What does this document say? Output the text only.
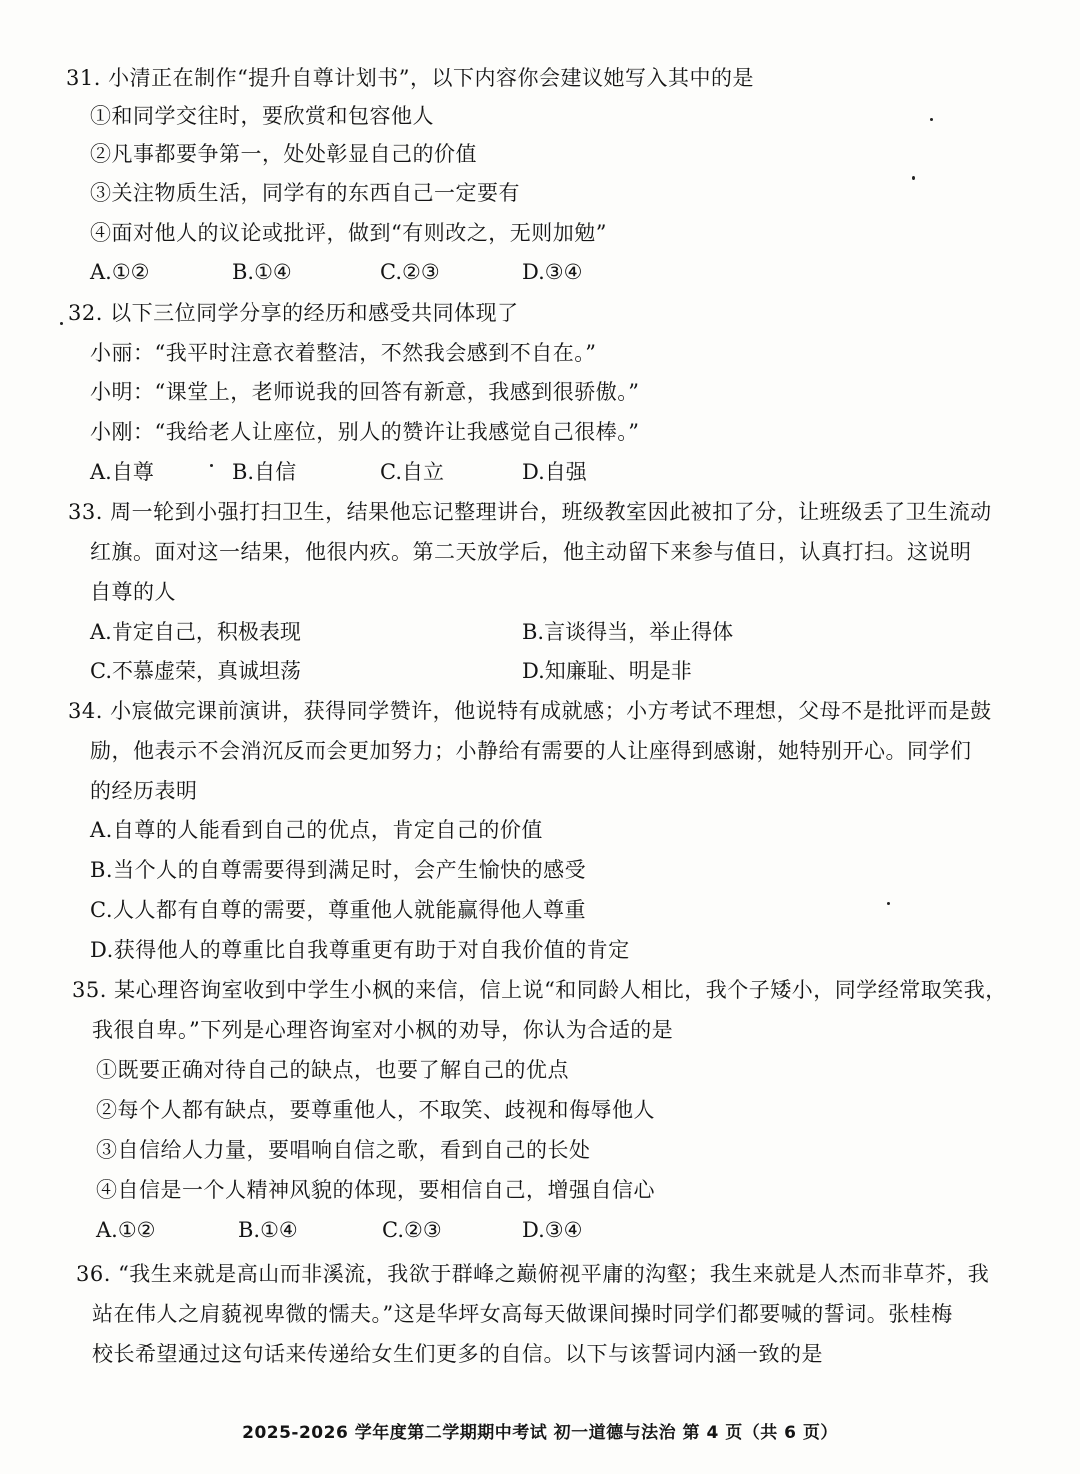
31. 小清正在制作“提升自尊计划书”，以下内容你会建议她写入其中的是
①和同学交往时，要欣赏和包容他人
②凡事都要争第一，处处彰显自己的价值
③关注物质生活，同学有的东西自己一定要有
④面对他人的议论或批评，做到“有则改之，无则加勉”
A.①②	B.①④	C.②③	D.③④
32. 以下三位同学分享的经历和感受共同体现了
小丽：“我平时注意衣着整洁，不然我会感到不自在。”
小明：“课堂上，老师说我的回答有新意，我感到很骄傲。”
小刚：“我给老人让座位，别人的赞许让我感觉自己很棒。”
A.自尊	B.自信	C.自立	D.自强
33. 周一轮到小强打扫卫生，结果他忘记整理讲台，班级教室因此被扣了分，让班级丢了卫生流动
红旗。面对这一结果，他很内疚。第二天放学后，他主动留下来参与值日，认真打扫。这说明
自尊的人
A.肯定自己，积极表现	B.言谈得当，举止得体
C.不慕虚荣，真诚坦荡	D.知廉耻、明是非
34. 小宸做完课前演讲，获得同学赞许，他说特有成就感；小方考试不理想，父母不是批评而是鼓
励，他表示不会消沉反而会更加努力；小静给有需要的人让座得到感谢，她特别开心。同学们
的经历表明
A.自尊的人能看到自己的优点，肯定自己的价值
B.当个人的自尊需要得到满足时，会产生愉快的感受
C.人人都有自尊的需要，尊重他人就能赢得他人尊重
D.获得他人的尊重比自我尊重更有助于对自我价值的肯定
35. 某心理咨询室收到中学生小枫的来信，信上说“和同龄人相比，我个子矮小，同学经常取笑我，
我很自卑。”下列是心理咨询室对小枫的劝导，你认为合适的是
①既要正确对待自己的缺点，也要了解自己的优点
②每个人都有缺点，要尊重他人，不取笑、歧视和侮辱他人
③自信给人力量，要唱响自信之歌，看到自己的长处
④自信是一个人精神风貌的体现，要相信自己，增强自信心
A.①②	B.①④	C.②③	D.③④
36. “我生来就是高山而非溪流，我欲于群峰之巅俯视平庸的沟壑；我生来就是人杰而非草芥，我
站在伟人之肩藐视卑微的懦夫。”这是华坪女高每天做课间操时同学们都要喊的誓词。张桂梅
校长希望通过这句话来传递给女生们更多的自信。以下与该誓词内涵一致的是
2025-2026 学年度第二学期期中考试 初一道德与法治 第 4 页（共 6 页）
